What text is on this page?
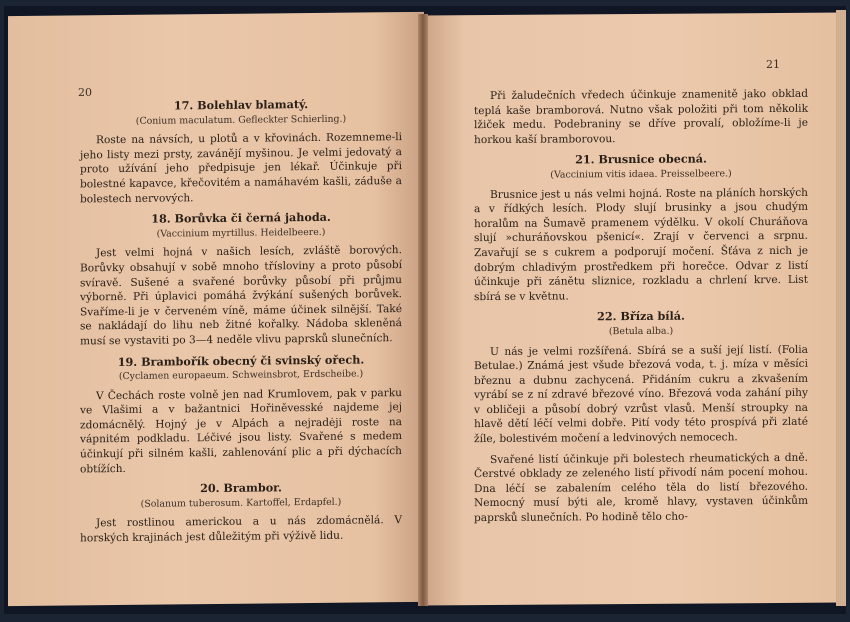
17. Bolehlav blamatý.
(Conium maculatum. Gefleckter Schierling.)

Roste na návsích, u plotů a v křovinách. Rozemneme-li jeho listy mezi prsty, zavánějí myšinou. Je velmi jedovatý a proto užívání jeho předpisuje jen lékař. Účinkuje při bolestné kapavce, křečovitém a namáhavém kašli, záduše a bolestech nervových.

18. Borůvka či černá jahoda.
(Vaccinium myrtillus. Heidelbeere.)

Jest velmi hojná v našich lesích, zvláště borových. Borůvky obsahují v sobě mnoho tříslovinу a proto působí svíravě. Sušené a svařené borůvky působí při průjmu výborně. Při úplavici pomáhá žvýkání sušených borůvek. Svaříme-li je v červeném víně, máme účinek silnější. Také se nakládají do lihu neb žitné kořalky. Nádoba skleněná musí se vystaviti po 3—4 neděle vlivu paprsků slunečních.

19. Brambořík obecný či svinský ořech.
(Cyclamen europaeum. Schweinsbrot, Erdscheibe.)

V Čechách roste volně jen nad Krumlovem, pak v parku ve Vlašimi a v bažantnici Hořiněvesské najdeme jej zdomácnělý. Hojný je v Alpách a nejradėji roste na vápnitém podkladu. Léčivé jsou listy. Svařené s medem účinkují při silném kašli, zahlenování plic a při dýchacích obtížích.

20. Brambor.
(Solanum tuberosum. Kartoffel, Erdapfel.)

Jest rostlinou americkou a u nás zdomácnělá. V horských krajinách jest důležitým při výživě lidu.

Při žaludečních vředech účinkuje znamenitě jako obklad teplá kaše bramborová. Nutno však položiti při tom několik lžiček medu. Podebraniny se dříve provalí, obložíme-li je horkou kaší bramborovou.

21. Brusnice obecná.
(Vaccinium vitis idaea. Preisselbeere.)

Brusnice jest u nás velmi hojná. Roste na pláních horských a v řídkých lesích. Plody slují brusinky a jsou chudým horalům na Šumavě pramenem výdělku. V okolí Churáňova slují »churáňovskou pšenicí«. Zrají v červenci a srpnu. Zavařují se s cukrem a podporují močení. Šťáva z nich je dobrým chladivým prostředkem při horečce. Odvar z listí účinkuje při zánětu sliznice, rozkladu a chrlení krve. List sbírá se v květnu.

22. Bříza bílá.
(Betula alba.)

U nás je velmi rozšířená. Sbírá se a suší její listí. (Folia Betulae.) Známá jest všude březová voda, t. j. míza v měsíci březnu a dubnu zachycená. Přidáním cukru a zkvašením vyrábí se z ní zdravé březové víno. Březová voda zahání pihy v obličeji a působí dobrý vzrůst vlasů. Menší stroupky na hlavě dětí léčí velmi dobře. Pití vody této prospívá při zlaté žíle, bolestivém močení a ledvinových nemocech.

Svařené listí účinkuje při bolestech rheumatických a dně. Čerstvé obklady ze zeleného listí přivodí nám pocení mohou. Dna léčí se zabalením celého těla do listí březového. Nemocný musí býti ale, kromě hlavy, vystaven účinkům paprsků slunečních. Po hodině tělo cho-

20
21
